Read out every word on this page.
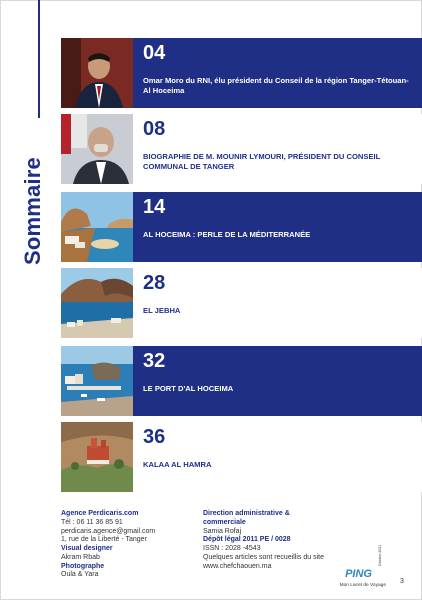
Sommaire
04
Omar Moro du RNI, élu président du Conseil de la région Tanger-Tétouan-Al Hoceima
08
BIOGRAPHIE DE M. MOUNIR LYMOURI, PRÉSIDENT DU CONSEIL COMMUNAL DE TANGER
14
AL HOCEIMA : PERLE DE LA MÉDITERRANÉE
28
EL JEBHA
32
LE PORT D'AL HOCEIMA
36
KALAA AL HAMRA
Agence Perdicaris.com
Tél : 06 11 36 85 91
perdicaris.agence@gmail.com
1, rue de la Liberté - Tanger
Visual designer
Akram Rbab
Photographe
Oula & Yara
Direction administrative & commerciale
Samia Rofaj
Dépôt légal 2011 PE / 0028
ISSN : 2028 -4543
Quelques articles sont recueillis du site www.chefchaouen.ma
PING
Mon Livret de Voyage
Octobre 2021
3
